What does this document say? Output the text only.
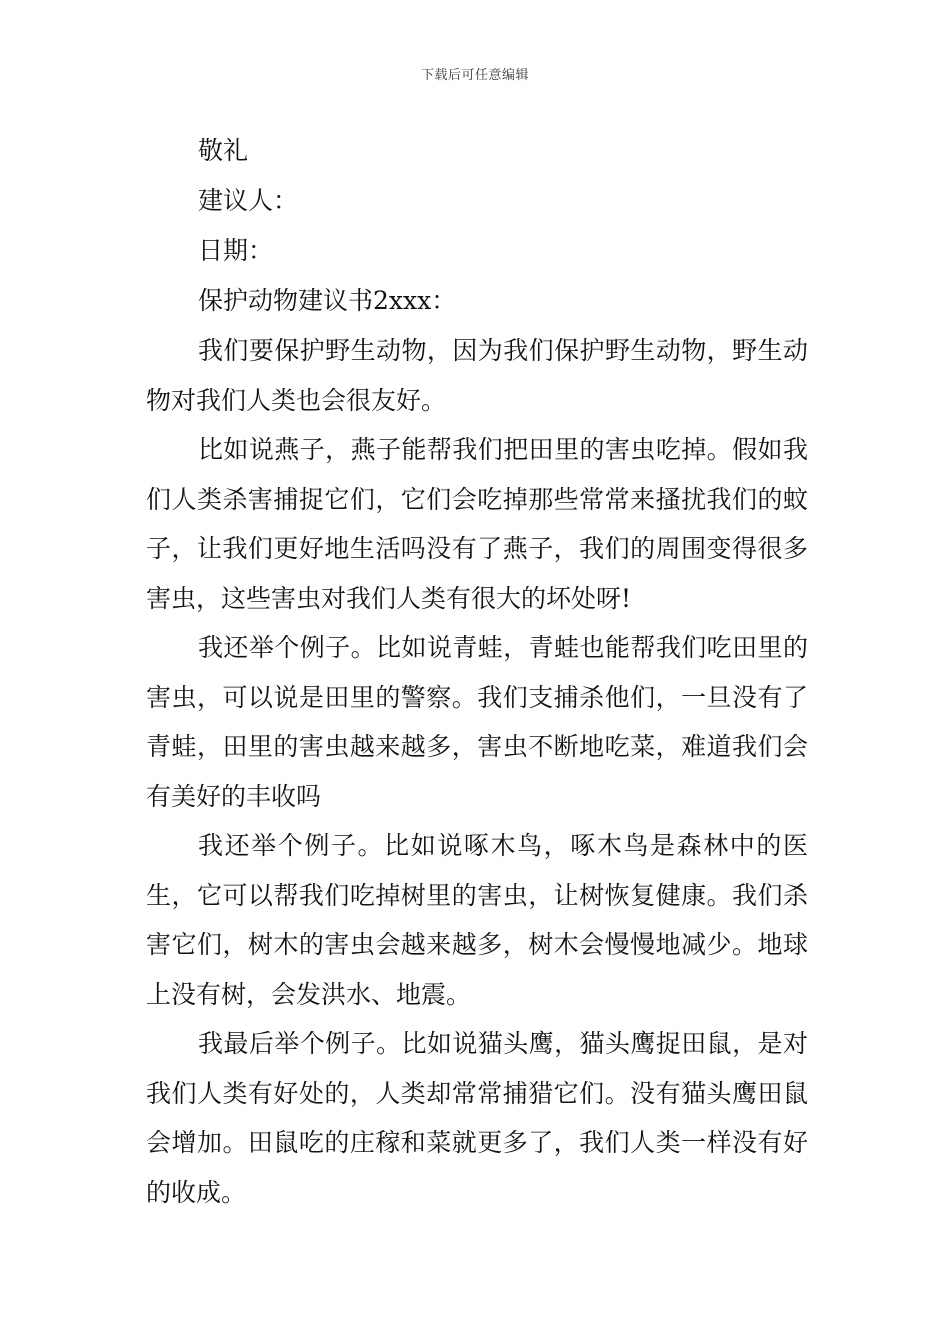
下载后可任意编辑

敬礼

建议人：

日期：

保护动物建议书2xxx：

我们要保护野生动物，因为我们保护野生动物，野生动物对我们人类也会很友好。

比如说燕子，燕子能帮我们把田里的害虫吃掉。假如我们人类杀害捕捉它们，它们会吃掉那些常常来搔扰我们的蚊子，让我们更好地生活吗没有了燕子，我们的周围变得很多害虫，这些害虫对我们人类有很大的坏处呀!

我还举个例子。比如说青蛙，青蛙也能帮我们吃田里的害虫，可以说是田里的警察。我们支捕杀他们，一旦没有了青蛙，田里的害虫越来越多，害虫不断地吃菜，难道我们会有美好的丰收吗

我还举个例子。比如说啄木鸟，啄木鸟是森林中的医生，它可以帮我们吃掉树里的害虫，让树恢复健康。我们杀害它们，树木的害虫会越来越多，树木会慢慢地减少。地球上没有树，会发洪水、地震。

我最后举个例子。比如说猫头鹰，猫头鹰捉田鼠，是对我们人类有好处的，人类却常常捕猎它们。没有猫头鹰田鼠会增加。田鼠吃的庄稼和菜就更多了，我们人类一样没有好的收成。
